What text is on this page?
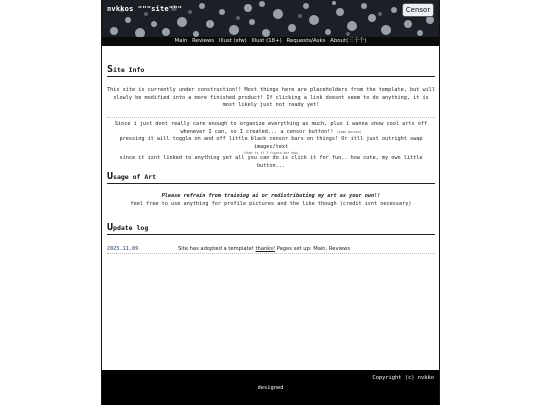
nvkkos """site"""	Censor
Main Reviews Illust (sfw) Illust (18+) Requests/Asks About(三千个)
Site Info
This site is currently under construction!! Most things here are placeholders from the template, but will slowly be modified into a more finished product! If clicking a link doesnt seem to do anything, it is most likely just not ready yet!
Since i just dont really care enough to organize everything as much, plus i wanna show cool arts off whenever I can, so I created... a censor button!! (code person)
pressing it will toggle on and off little black censor bars on things! Or itll just outright swap images/text
(that is if I figure out how)
since it isnt linked to anything yet all you can do is click it for fun.. how cute, my own little button...
Usage of Art
Please refrain from training ai or redistributing my art as your own!!
feel free to use anything for profile pictures and the like though (credit isnt necessary)
Update log
2025.11.09	Site has adopted a template! thanks! Pages set up: Main, Reviews
Copyright (c) nvkko
designed
